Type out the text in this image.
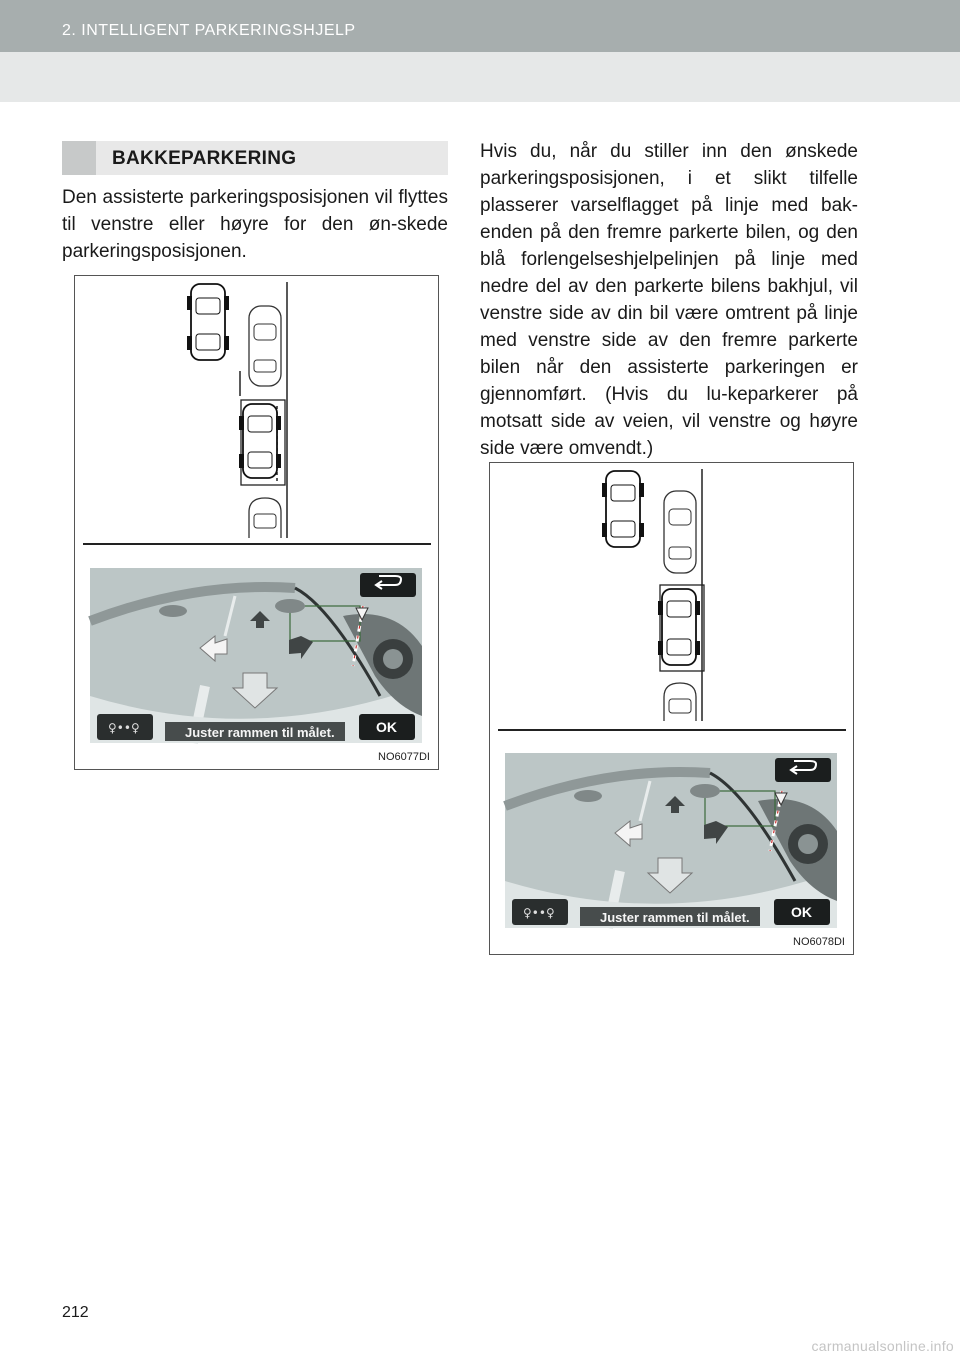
2. INTELLIGENT PARKERINGSHJELP
BAKKEPARKERING
Den assisterte parkeringsposisjonen vil flyttes til venstre eller høyre for den øn-skede parkeringsposisjonen.
Hvis du, når du stiller inn den ønskede parkeringsposisjonen, i et slikt tilfelle plasserer varselflagget på linje med bak-enden på den fremre parkerte bilen, og den blå forlengelseshjelpelinjen på linje med nedre del av den parkerte bilens bakhjul, vil venstre side av din bil være omtrent på linje med venstre side av den fremre parkerte bilen når den assisterte parkeringen er gjennomført. (Hvis du lu-keparkerer på motsatt side av veien, vil venstre og høyre side være omvendt.)
♀••♀	OK
Juster rammen til målet.
NO6077DI
♀••♀	OK
Juster rammen til målet.
NO6078DI
212
carmanualsonline.info
